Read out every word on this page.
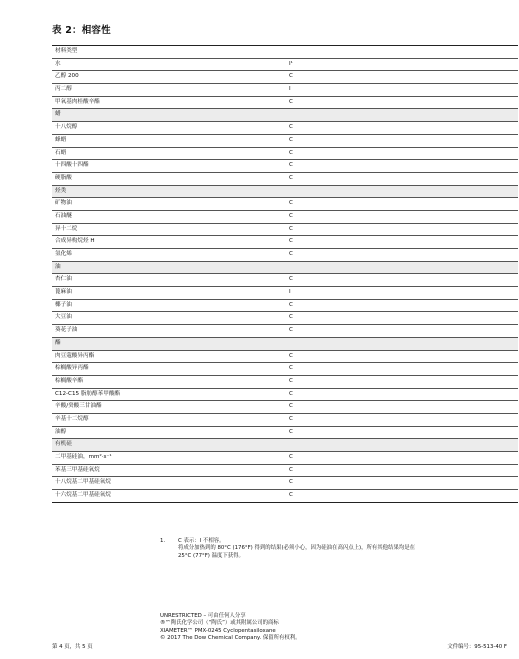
表 2：相容性
材料类型	
水	I¹
乙醇 200	C
丙二醇	I
甲氧基肉桂酸辛酯	C
蜡	
十八烷醇	C
蜂蜡	C
石蜡	C
十四酸十四酯	C
硬脂酸	C
烃类	
矿物油	C
石油醚	C
异十二烷	C
合成异构烷烃 H	C
氢化烯	C
油	
杏仁油	C
蓖麻油	I
椰子油	C
大豆油	C
葵花子油	C
酯	
肉豆蔻酸异丙酯	C
棕榈酸异丙酯	C
棕榈酸辛酯	C
C12-C15 脂肪醇苯甲酸酯	C
辛酸/癸酸三甘油酯	C
辛基十二烷醇	C
油醇	C
有机硅	
二甲基硅油，mm²·s⁻¹	C
苯基三甲基硅氧烷	C
十八烷基二甲基硅氧烷	C
十六烷基二甲基硅氧烷	C
1. C 表示：I 不相容。
将成分加热到的 80°C (176°F) 得到的结果(必须小心，因为硅油在高闪点上)，所有其他结果均是在
25°C (77°F) 温度下获得。
UNRESTRICTED – 可由任何人分享
®™陶氏化学公司（“陶氏”）或其附属公司的商标
XIAMETER™ PMX-0245 Cyclopentasiloxane
© 2017 The Dow Chemical Company. 保留所有权利。
第 4 页，共 5 页	文件编号：95-513-40 F
